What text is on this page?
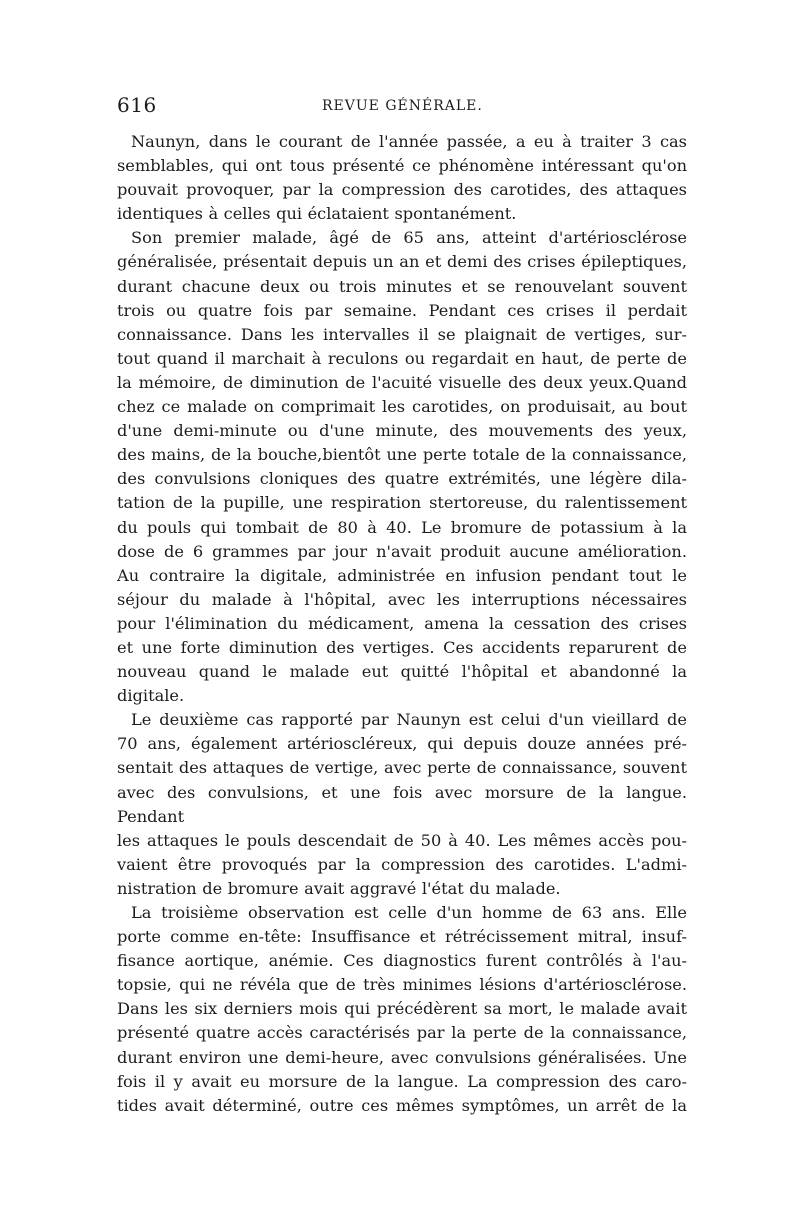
616	REVUE GÉNÉRALE.

Naunyn, dans le courant de l'année passée, a eu à traiter 3 cas
semblables, qui ont tous présenté ce phénomène intéressant qu'on
pouvait provoquer, par la compression des carotides, des attaques
identiques à celles qui éclataient spontanément.

Son premier malade, âgé de 65 ans, atteint d'artériosclérose
généralisée, présentait depuis un an et demi des crises épileptiques,
durant chacune deux ou trois minutes et se renouvelant souvent
trois ou quatre fois par semaine. Pendant ces crises il perdait
connaissance. Dans les intervalles il se plaignait de vertiges, sur-
tout quand il marchait à reculons ou regardait en haut, de perte de
la mémoire, de diminution de l'acuité visuelle des deux yeux.Quand
chez ce malade on comprimait les carotides, on produisait, au bout
d'une demi-minute ou d'une minute, des mouvements des yeux,
des mains, de la bouche,bientôt une perte totale de la connaissance,
des convulsions cloniques des quatre extrémités, une légère dila-
tation de la pupille, une respiration stertoreuse, du ralentissement
du pouls qui tombait de 80 à 40. Le bromure de potassium à la
dose de 6 grammes par jour n'avait produit aucune amélioration.
Au contraire la digitale, administrée en infusion pendant tout le
séjour du malade à l'hôpital, avec les interruptions nécessaires
pour l'élimination du médicament, amena la cessation des crises
et une forte diminution des vertiges. Ces accidents reparurent de
nouveau quand le malade eut quitté l'hôpital et abandonné la
digitale.

Le deuxième cas rapporté par Naunyn est celui d'un vieillard de
70 ans, également artérioscléreux, qui depuis douze années pré-
sentait des attaques de vertige, avec perte de connaissance, souvent
avec des convulsions, et une fois avec morsure de la langue. Pendant
les attaques le pouls descendait de 50 à 40. Les mêmes accès pou-
vaient être provoqués par la compression des carotides. L'admi-
nistration de bromure avait aggravé l'état du malade.

La troisième observation est celle d'un homme de 63 ans. Elle
porte comme en-tête: Insuffisance et rétrécissement mitral, insuf-
fisance aortique, anémie. Ces diagnostics furent contrôlés à l'au-
topsie, qui ne révéla que de très minimes lésions d'artériosclérose.
Dans les six derniers mois qui précédèrent sa mort, le malade avait
présenté quatre accès caractérisés par la perte de la connaissance,
durant environ une demi-heure, avec convulsions généralisées. Une
fois il y avait eu morsure de la langue. La compression des caro-
tides avait déterminé, outre ces mêmes symptômes, un arrêt de la
